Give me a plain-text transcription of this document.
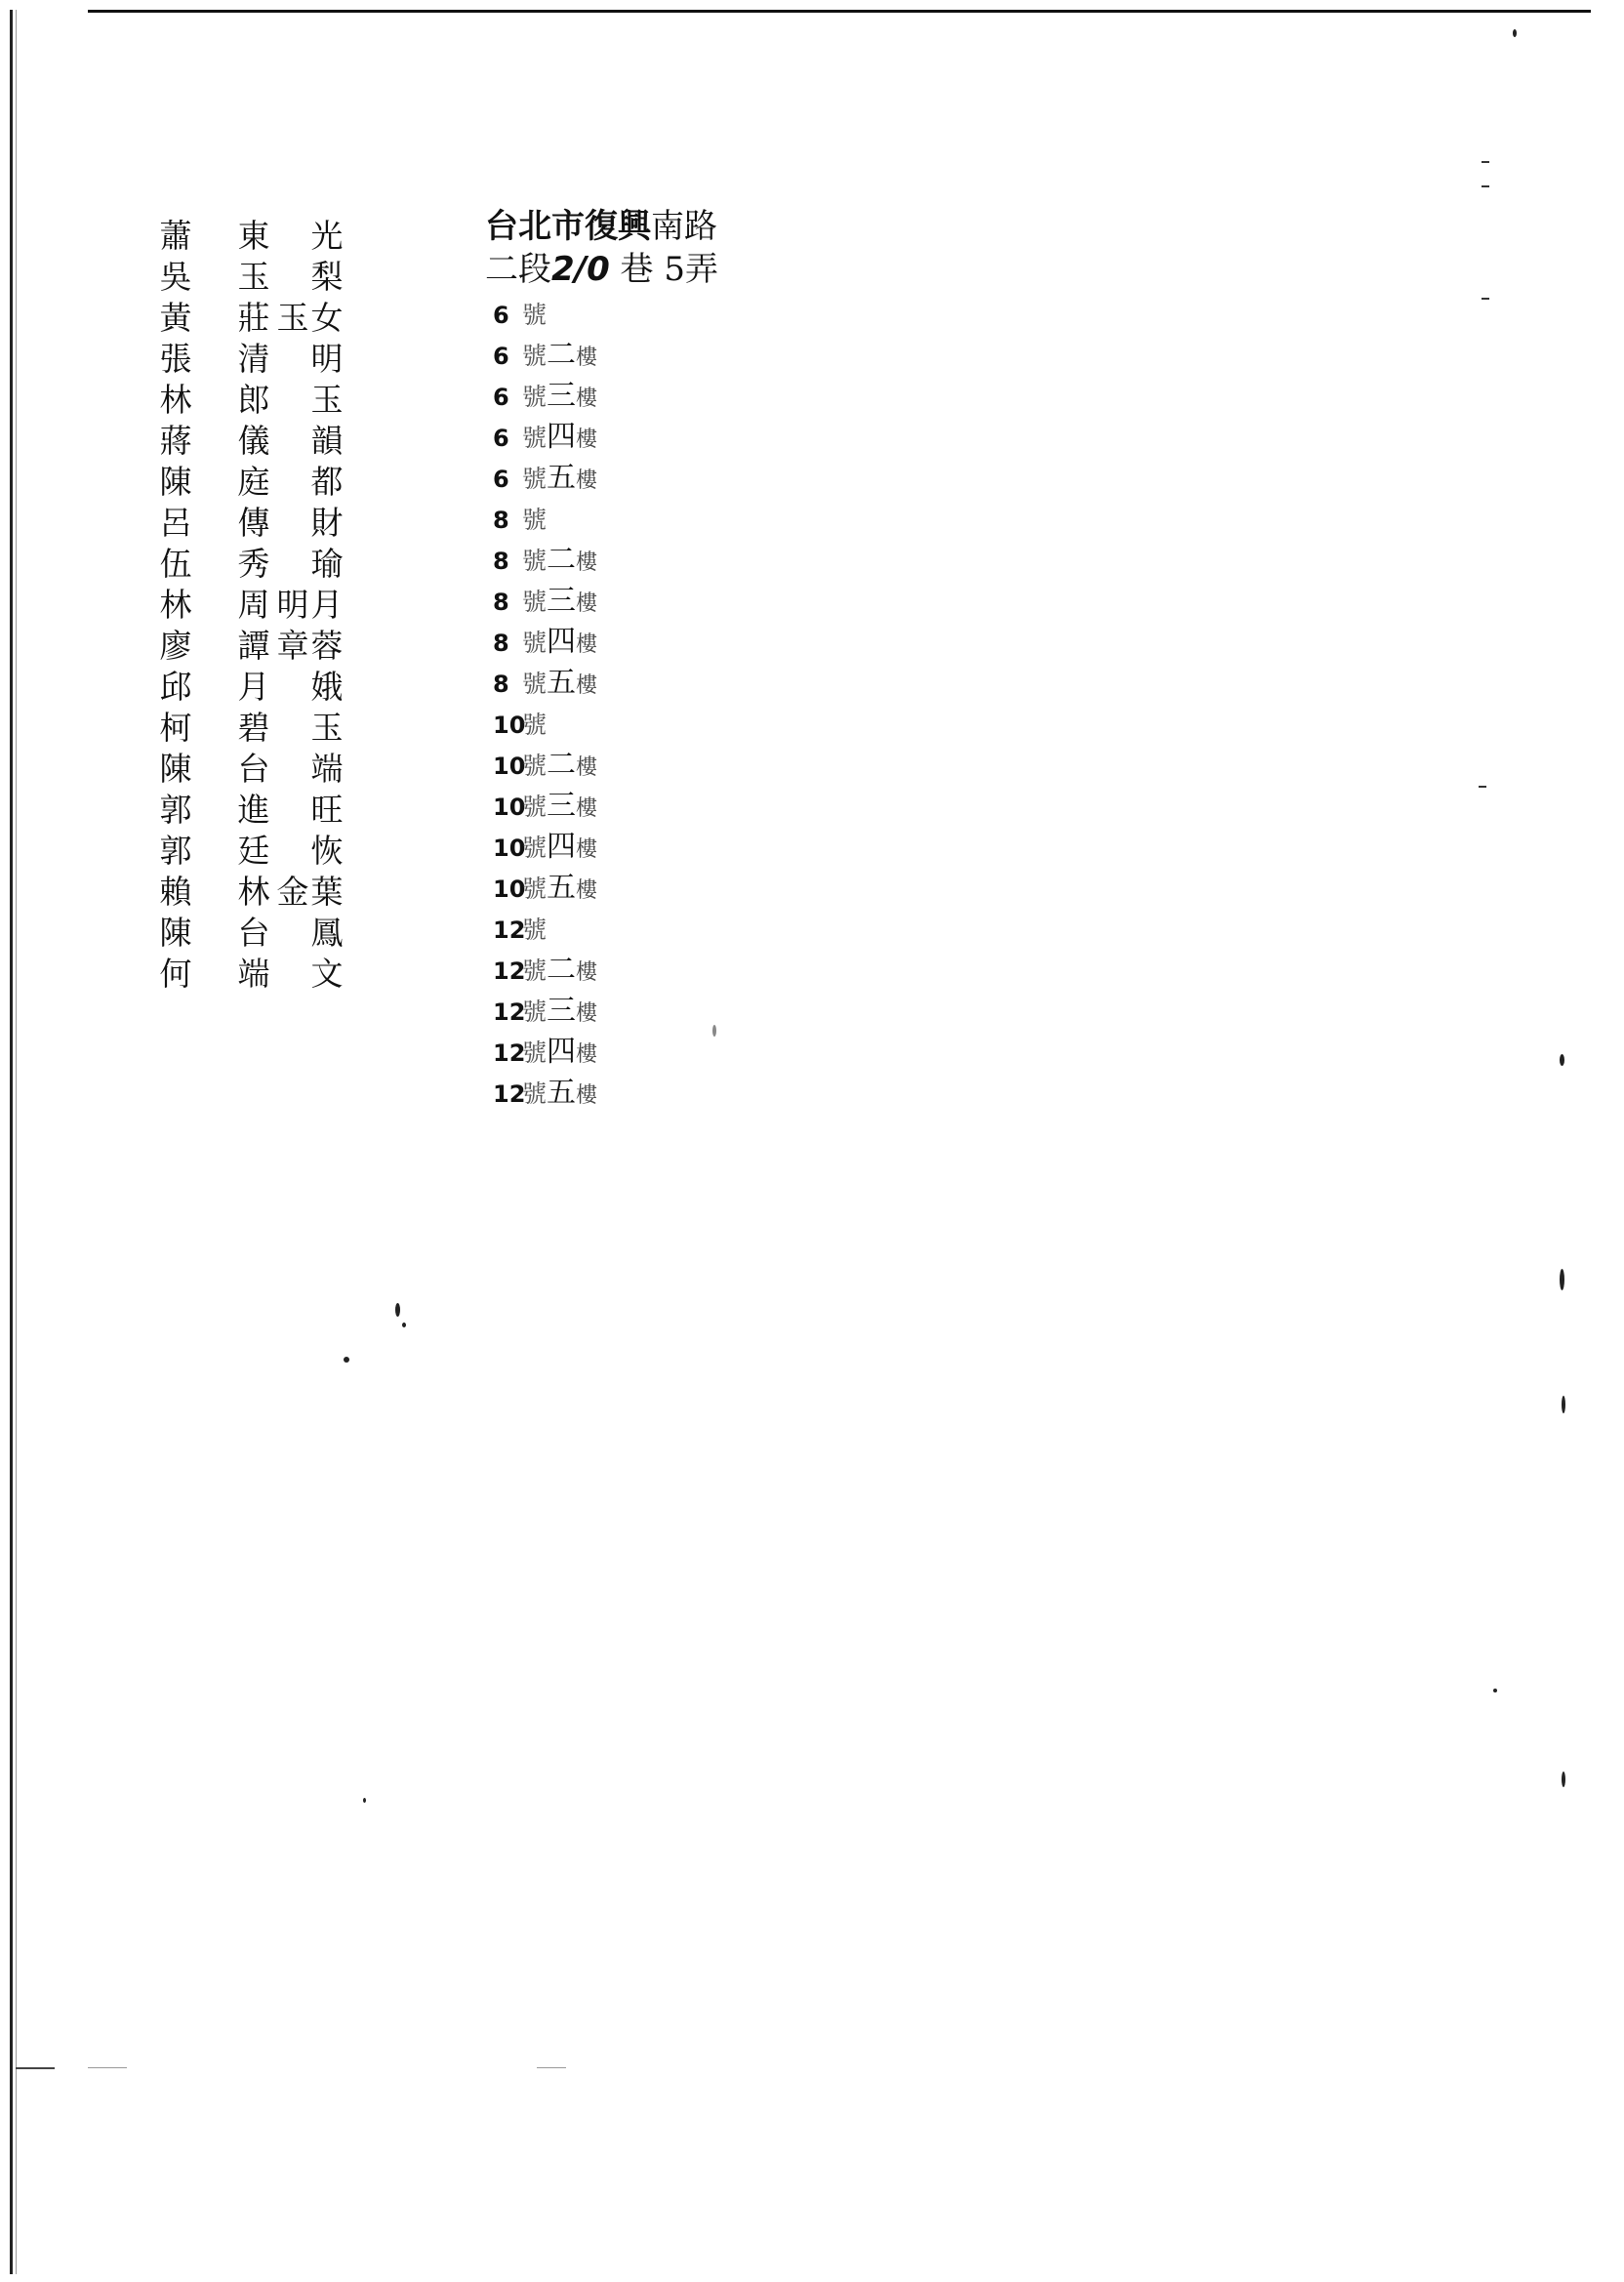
蕭 東 光
吳 玉 梨
黃 莊 玉 女
張 清 明
林 郎 玉
蔣 儀 韻
陳 庭 都
呂 傳 財
伍 秀 瑜
林 周 明 月
廖 譚 章 蓉
邱 月 娥
柯 碧 玉
陳 台 端
郭 進 旺
郭 廷 恢
賴 林 金 葉
陳 台 鳳
何 端 文
台北市復興南路
二段2/0 巷 5弄
6 號
6 號二樓
6 號三樓
6 號四樓
6 號五樓
8 號
8 號二樓
8 號三樓
8 號四樓
8 號五樓
10號
10號二樓
10號三樓
10號四樓
10號五樓
12號
12號二樓
12號三樓
12號四樓
12號五樓
